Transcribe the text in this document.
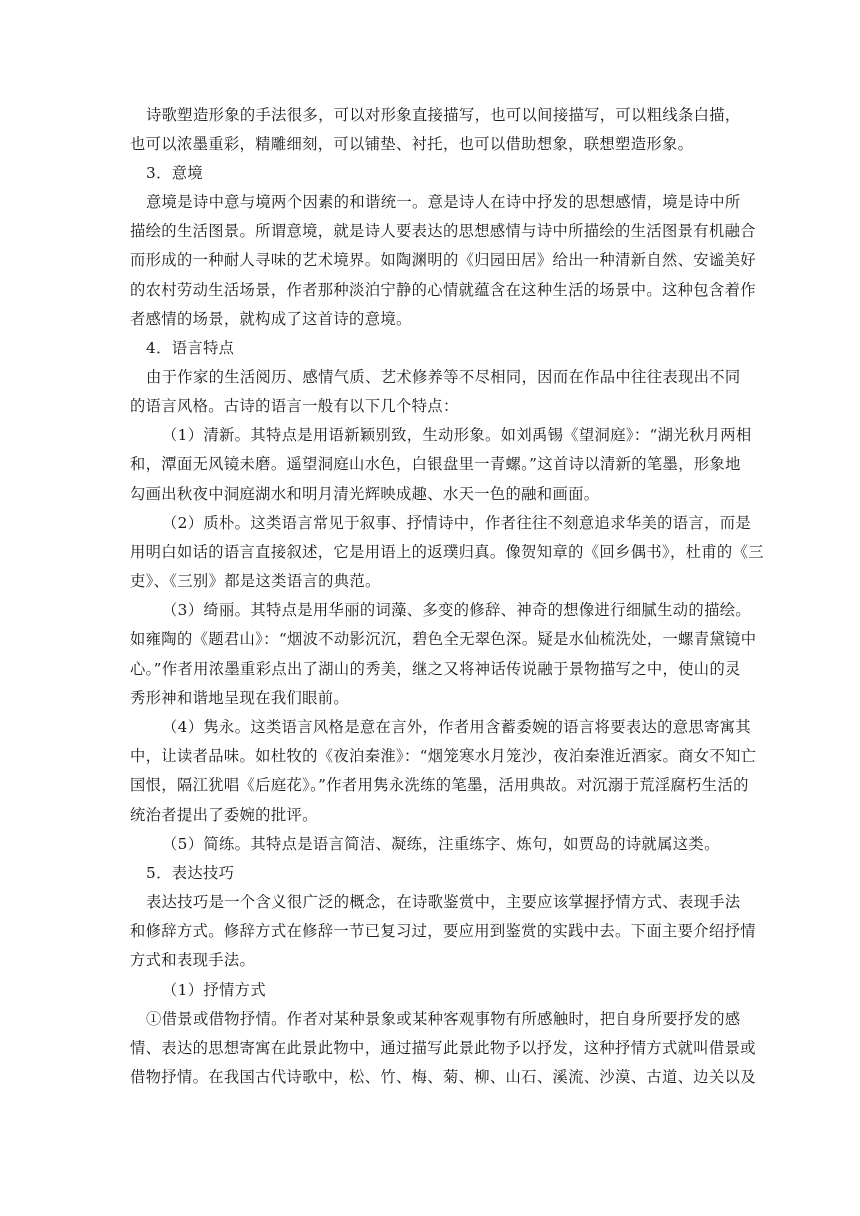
诗歌塑造形象的手法很多，可以对形象直接描写，也可以间接描写，可以粗线条白描，
也可以浓墨重彩，精雕细刻，可以铺垫、衬托，也可以借助想象，联想塑造形象。
3．意境
意境是诗中意与境两个因素的和谐统一。意是诗人在诗中抒发的思想感情，境是诗中所
描绘的生活图景。所谓意境，就是诗人要表达的思想感情与诗中所描绘的生活图景有机融合
而形成的一种耐人寻味的艺术境界。如陶渊明的《归园田居》给出一种清新自然、安谧美好
的农村劳动生活场景，作者那种淡泊宁静的心情就蕴含在这种生活的场景中。这种包含着作
者感情的场景，就构成了这首诗的意境。
4．语言特点
由于作家的生活阅历、感情气质、艺术修养等不尽相同，因而在作品中往往表现出不同
的语言风格。古诗的语言一般有以下几个特点：
（1）清新。其特点是用语新颖别致，生动形象。如刘禹锡《望洞庭》：“湖光秋月两相
和，潭面无风镜未磨。遥望洞庭山水色，白银盘里一青螺。”这首诗以清新的笔墨，形象地
勾画出秋夜中洞庭湖水和明月清光辉映成趣、水天一色的融和画面。
（2）质朴。这类语言常见于叙事、抒情诗中，作者往往不刻意追求华美的语言，而是
用明白如话的语言直接叙述，它是用语上的返璞归真。像贺知章的《回乡偶书》，杜甫的《三
吏》、《三别》都是这类语言的典范。
（3）绮丽。其特点是用华丽的词藻、多变的修辞、神奇的想像进行细腻生动的描绘。
如雍陶的《题君山》：“烟波不动影沉沉，碧色全无翠色深。疑是水仙梳洗处，一螺青黛镜中
心。”作者用浓墨重彩点出了湖山的秀美，继之又将神话传说融于景物描写之中，使山的灵
秀形神和谐地呈现在我们眼前。
（4）隽永。这类语言风格是意在言外，作者用含蓄委婉的语言将要表达的意思寄寓其
中，让读者品味。如杜牧的《夜泊秦淮》：“烟笼寒水月笼沙，夜泊秦淮近酒家。商女不知亡
国恨，隔江犹唱《后庭花》。”作者用隽永洗练的笔墨，活用典故。对沉溺于荒淫腐朽生活的
统治者提出了委婉的批评。
（5）简练。其特点是语言简洁、凝练，注重练字、炼句，如贾岛的诗就属这类。
5．表达技巧
表达技巧是一个含义很广泛的概念，在诗歌鉴赏中，主要应该掌握抒情方式、表现手法
和修辞方式。修辞方式在修辞一节已复习过，要应用到鉴赏的实践中去。下面主要介绍抒情
方式和表现手法。
（1）抒情方式
①借景或借物抒情。作者对某种景象或某种客观事物有所感触时，把自身所要抒发的感
情、表达的思想寄寓在此景此物中，通过描写此景此物予以抒发，这种抒情方式就叫借景或
借物抒情。在我国古代诗歌中，松、竹、梅、菊、柳、山石、溪流、沙漠、古道、边关以及
